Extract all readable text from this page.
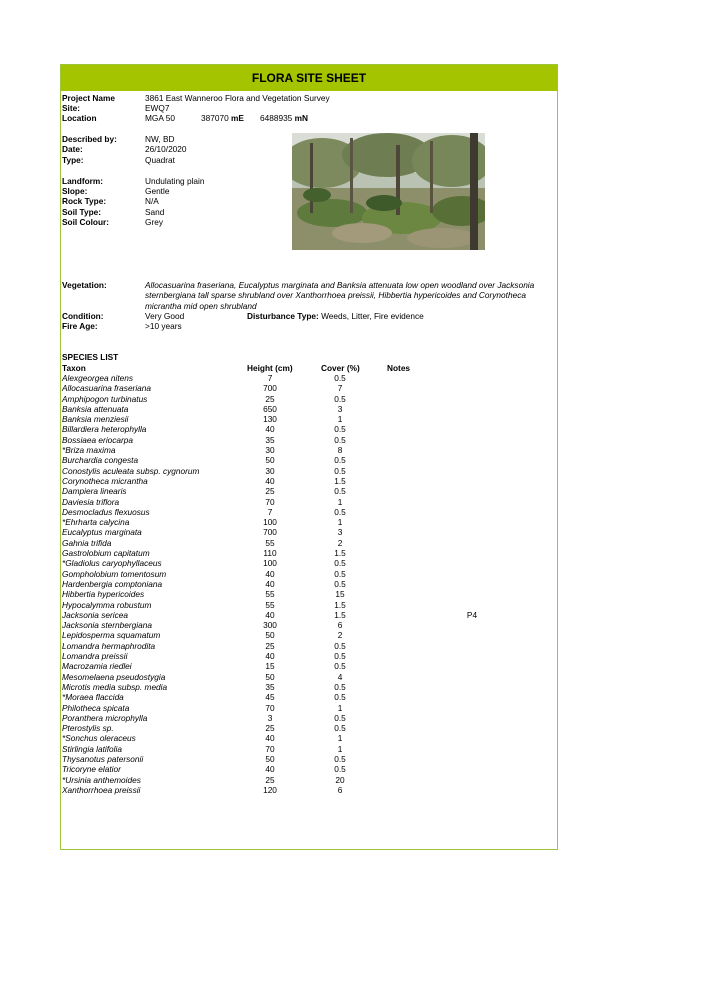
FLORA SITE SHEET
Project Name	3861 East Wanneroo Flora and Vegetation Survey
Site:	EWQ7
Location	MGA 50	387070 mE 6488935 mN
Described by:	NW, BD
Date:	26/10/2020
Type:	Quadrat
Landform:	Undulating plain
Slope:	Gentle
Rock Type:	N/A
Soil Type:	Sand
Soil Colour:	Grey
Vegetation:	Allocasuarina fraseriana, Eucalyptus marginata and Banksia attenuata low open woodland over Jacksonia sternbergiana tall sparse shrubland over Xanthorrhoea preissii, Hibbertia hypericoides and Corynotheca micrantha mid open shrubland
Condition:	Very Good	Disturbance Type: Weeds, Litter, Fire evidence
Fire Age:	>10 years
SPECIES LIST
Taxon	Height (cm)	Cover (%)	Notes
Alexgeorgea nitens	7	0.5
Allocasuarina fraseriana	700	7
Amphipogon turbinatus	25	0.5
Banksia attenuata	650	3
Banksia menziesii	130	1
Billardiera heterophylla	40	0.5
Bossiaea eriocarpa	35	0.5
*Briza maxima	30	8
Burchardia congesta	50	0.5
Conostylis aculeata subsp. cygnorum	30	0.5
Corynotheca micrantha	40	1.5
Dampiera linearis	25	0.5
Daviesia triflora	70	1
Desmocladus flexuosus	7	0.5
*Ehrharta calycina	100	1
Eucalyptus marginata	700	3
Gahnia trifida	55	2
Gastrolobium capitatum	110	1.5
*Gladiolus caryophyllaceus	100	0.5
Gompholobium tomentosum	40	0.5
Hardenbergia comptoniana	40	0.5
Hibbertia hypericoides	55	15
Hypocalymma robustum	55	1.5
Jacksonia sericea	40	1.5	P4
Jacksonia sternbergiana	300	6
Lepidosperma squamatum	50	2
Lomandra hermaphrodita	25	0.5
Lomandra preissii	40	0.5
Macrozamia riedlei	15	0.5
Mesomelaena pseudostygia	50	4
Microtis media subsp. media	35	0.5
*Moraea flaccida	45	0.5
Philotheca spicata	70	1
Poranthera microphylla	3	0.5
Pterostylis sp.	25	0.5
*Sonchus oleraceus	40	1
Stirlingia latifolia	70	1
Thysanotus patersonii	50	0.5
Tricoryne elatior	40	0.5
*Ursinia anthemoides	25	20
Xanthorrhoea preissii	120	6
